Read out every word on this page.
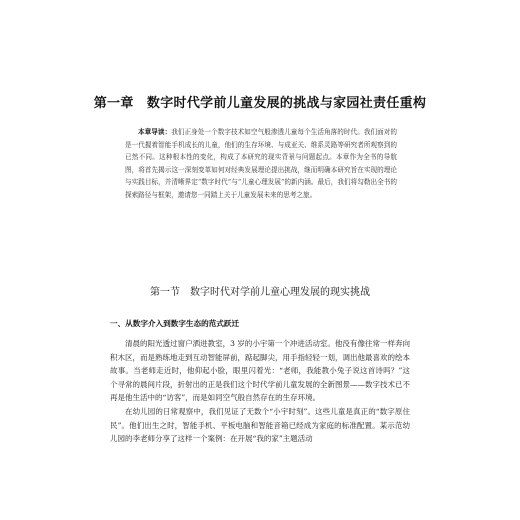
第一章　数字时代学前儿童发展的挑战与家园社责任重构
本章导读：我们正身处一个数字技术如空气般渗透儿童每个生活角落的时代。我们面对的是一代握着智能手机成长的儿童，他们的生存环境、与成亚关、维系灵路等研究者所观察到的已然不同。这种根本性的变化，构成了本研究的现实背景与问题起点。本章作为全书的导航图，将首先揭示这一深刻变革如何对经典发展理论提出挑战，继而明确本研究旨在实现的理论与实践目标，并清晰界定“数字时代”与“儿童心理发展”的新内涵。最后，我们将勾勒出全书的探索路径与框架，邀请您一同踏上关于儿童发展未来的思考之旅。
第一节　数字时代对学前儿童心理发展的现实挑战
一、从数字介入到数字生态的范式跃迁

清晨的阳光透过窗户洒进教室，3 岁的小宇第一个冲进活动室。他没有像往常一样奔向积木区，而是熟练地走到互动智能屏前，踮起脚尖，用手指轻轻一划，调出他最喜欢的绘本故事。当老师走近时，他仰起小脸，眼里闪着光：“老师，我能教小兔子说这首诗吗？”这个寻常的晨间片段，折射出的正是我们这个时代学前儿童发展的全新图景——数字技术已不再是他生活中的“访客”，而是如同空气般自然存在的生存环境。

在幼儿园的日常观察中，我们见证了无数个“小宇时刻”。这些儿童是真正的“数字原住民”。他们出生之时，智能手机、平板电脑和智能音箱已经成为家庭的标准配置。某示范幼儿园的李老师分享了这样一个案例：在开展“我的家”主题活动
